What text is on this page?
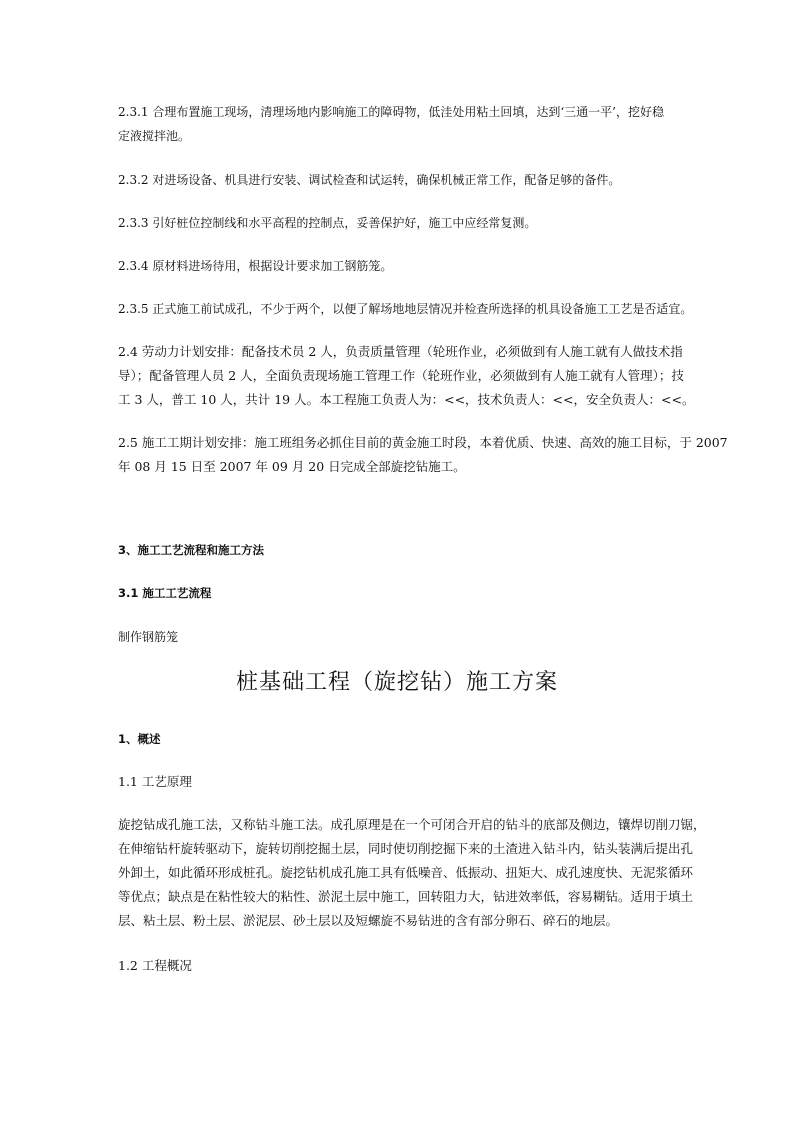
2.3.1 合理布置施工现场，清理场地内影响施工的障碍物，低洼处用粘土回填，达到‘三通一平’，挖好稳
定液搅拌池。

2.3.2 对进场设备、机具进行安装、调试检查和试运转，确保机械正常工作，配备足够的备件。

2.3.3 引好桩位控制线和水平高程的控制点，妥善保护好，施工中应经常复测。

2.3.4 原材料进场待用，根据设计要求加工钢筋笼。

2.3.5 正式施工前试成孔，不少于两个，以便了解场地地层情况并检查所选择的机具设备施工工艺是否适宜。

2.4 劳动力计划安排：配备技术员 2 人，负责质量管理（轮班作业，必须做到有人施工就有人做技术指
导）；配备管理人员 2 人，全面负责现场施工管理工作（轮班作业，必须做到有人施工就有人管理）；技
工 3 人，普工 10 人，共计 19 人。本工程施工负责人为：<<，技术负责人：<<，安全负责人：<<。

2.5 施工工期计划安排：施工班组务必抓住目前的黄金施工时段，本着优质、快速、高效的施工目标，于 2007
年 08 月 15 日至 2007 年 09 月 20 日完成全部旋挖钻施工。

3、施工工艺流程和施工方法

3.1 施工工艺流程

制作钢筋笼

桩基础工程（旋挖钻）施工方案

1、概述

1.1 工艺原理

旋挖钻成孔施工法，又称钻斗施工法。成孔原理是在一个可闭合开启的钻斗的底部及侧边，镶焊切削刀锯，
在伸缩钻杆旋转驱动下，旋转切削挖掘土层，同时使切削挖掘下来的土渣进入钻斗内，钻头装满后提出孔
外卸土，如此循环形成桩孔。旋挖钻机成孔施工具有低噪音、低振动、扭矩大、成孔速度快、无泥浆循环
等优点；缺点是在粘性较大的粘性、淤泥土层中施工，回转阻力大，钻进效率低，容易糊钻。适用于填土
层、粘土层、粉土层、淤泥层、砂土层以及短螺旋不易钻进的含有部分卵石、碎石的地层。

1.2 工程概况
